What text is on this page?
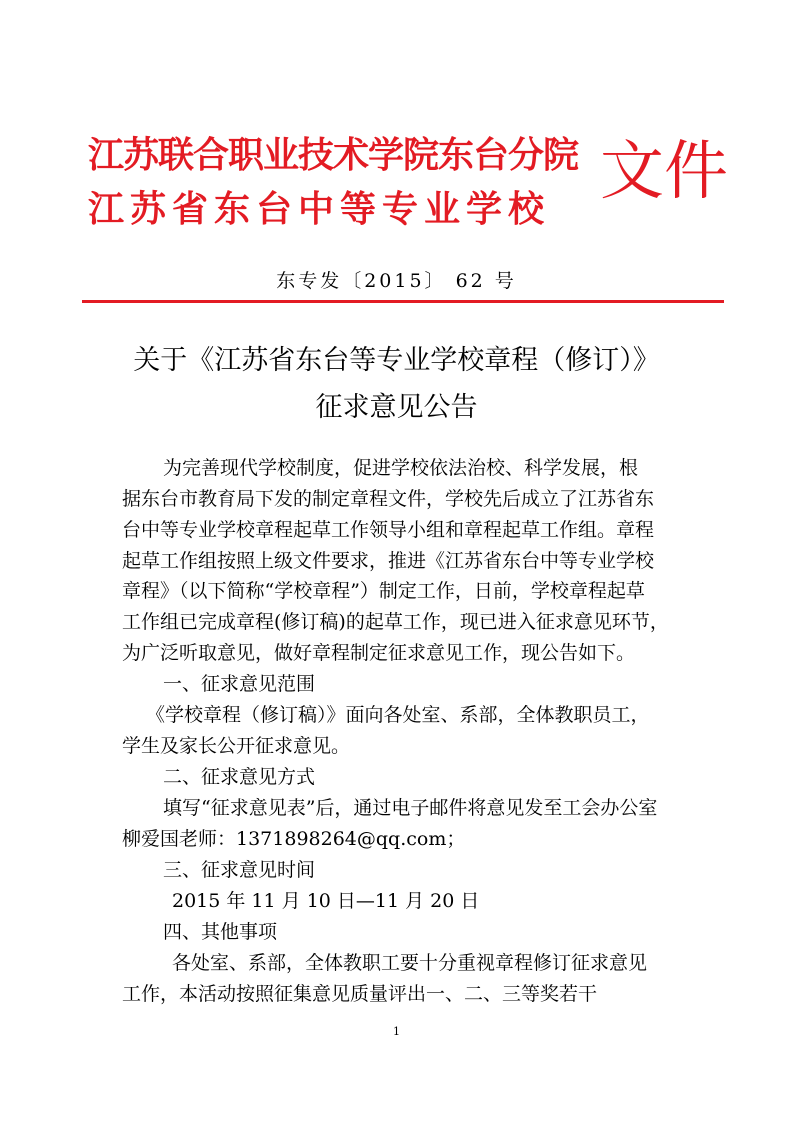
江苏联合职业技术学院东台分院
江苏省东台中等专业学校
文件
东专发〔2015〕 62 号
关于《江苏省东台等专业学校章程（修订）》
征求意见公告
为完善现代学校制度，促进学校依法治校、科学发展，根
据东台市教育局下发的制定章程文件，学校先后成立了江苏省东
台中等专业学校章程起草工作领导小组和章程起草工作组。章程
起草工作组按照上级文件要求，推进《江苏省东台中等专业学校
章程》（以下简称“学校章程”）制定工作，日前，学校章程起草
工作组已完成章程(修订稿)的起草工作，现已进入征求意见环节，
为广泛听取意见，做好章程制定征求意见工作，现公告如下。
一、征求意见范围
《学校章程（修订稿）》面向各处室、系部，全体教职员工，
学生及家长公开征求意见。
二、征求意见方式
填写“征求意见表”后，通过电子邮件将意见发至工会办公室
柳爱国老师：1371898264@qq.com；
三、征求意见时间
2015 年 11 月 10 日—11 月 20 日
四、其他事项
各处室、系部，全体教职工要十分重视章程修订征求意见
工作，本活动按照征集意见质量评出一、二、三等奖若干
1
